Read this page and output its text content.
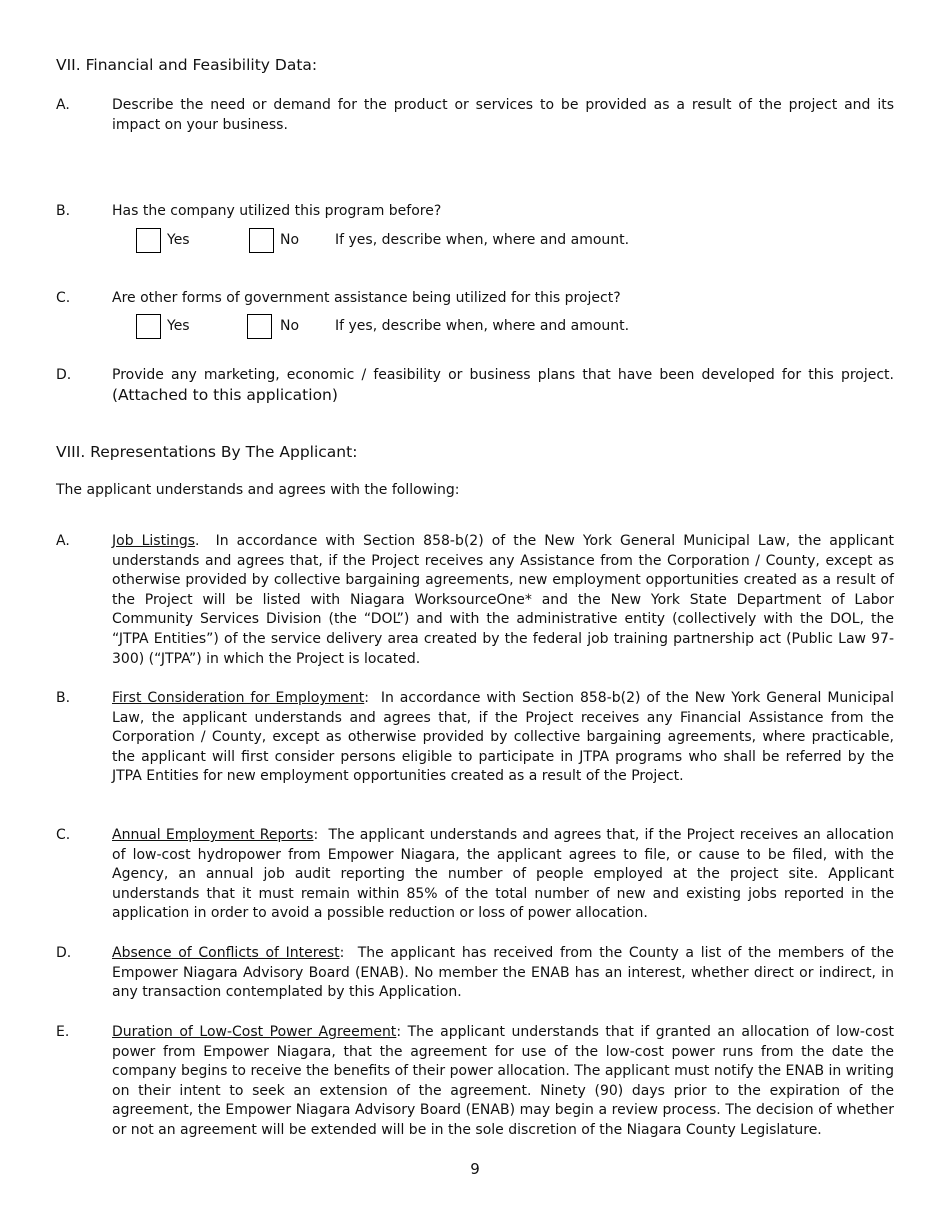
VII. Financial and Feasibility Data:
A.	Describe the need or demand for the product or services to be provided as a result of the project and its impact on your business.
B.	Has the company utilized this program before?
Yes	No	If yes, describe when, where and amount.
C.	Are other forms of government assistance being utilized for this project?
Yes	No	If yes, describe when, where and amount.
D.	Provide any marketing, economic / feasibility or business plans that have been developed for this project. (Attached to this application)
VIII. Representations By The Applicant:
The applicant understands and agrees with the following:
A.	Job Listings. In accordance with Section 858-b(2) of the New York General Municipal Law, the applicant understands and agrees that, if the Project receives any Assistance from the Corporation / County, except as otherwise provided by collective bargaining agreements, new employment opportunities created as a result of the Project will be listed with Niagara WorksourceOne* and the New York State Department of Labor Community Services Division (the “DOL”) and with the administrative entity (collectively with the DOL, the “JTPA Entities”) of the service delivery area created by the federal job training partnership act (Public Law 97-300) (“JTPA”) in which the Project is located.
B.	First Consideration for Employment: In accordance with Section 858-b(2) of the New York General Municipal Law, the applicant understands and agrees that, if the Project receives any Financial Assistance from the Corporation / County, except as otherwise provided by collective bargaining agreements, where practicable, the applicant will first consider persons eligible to participate in JTPA programs who shall be referred by the JTPA Entities for new employment opportunities created as a result of the Project.
C.	Annual Employment Reports: The applicant understands and agrees that, if the Project receives an allocation of low-cost hydropower from Empower Niagara, the applicant agrees to file, or cause to be filed, with the Agency, an annual job audit reporting the number of people employed at the project site. Applicant understands that it must remain within 85% of the total number of new and existing jobs reported in the application in order to avoid a possible reduction or loss of power allocation.
D.	Absence of Conflicts of Interest: The applicant has received from the County a list of the members of the Empower Niagara Advisory Board (ENAB). No member the ENAB has an interest, whether direct or indirect, in any transaction contemplated by this Application.
E.	Duration of Low-Cost Power Agreement: The applicant understands that if granted an allocation of low-cost power from Empower Niagara, that the agreement for use of the low-cost power runs from the date the company begins to receive the benefits of their power allocation. The applicant must notify the ENAB in writing on their intent to seek an extension of the agreement. Ninety (90) days prior to the expiration of the agreement, the Empower Niagara Advisory Board (ENAB) may begin a review process. The decision of whether or not an agreement will be extended will be in the sole discretion of the Niagara County Legislature.
9
